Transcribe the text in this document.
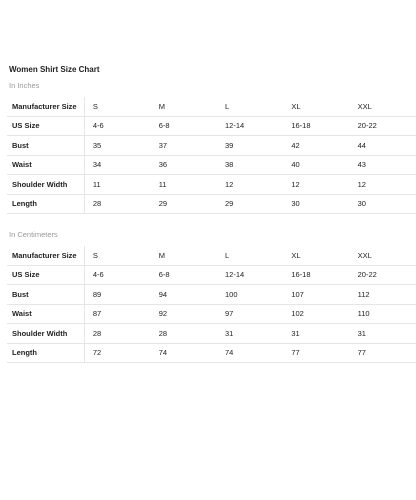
Women Shirt Size Chart
In Inches
Manufacturer Size	S	M	L	XL	XXL
US Size	4-6	6-8	12-14	16-18	20-22
Bust	35	37	39	42	44
Waist	34	36	38	40	43
Shoulder Width	11	11	12	12	12
Length	28	29	29	30	30
In Centimeters
Manufacturer Size	S	M	L	XL	XXL
US Size	4-6	6-8	12-14	16-18	20-22
Bust	89	94	100	107	112
Waist	87	92	97	102	110
Shoulder Width	28	28	31	31	31
Length	72	74	74	77	77
